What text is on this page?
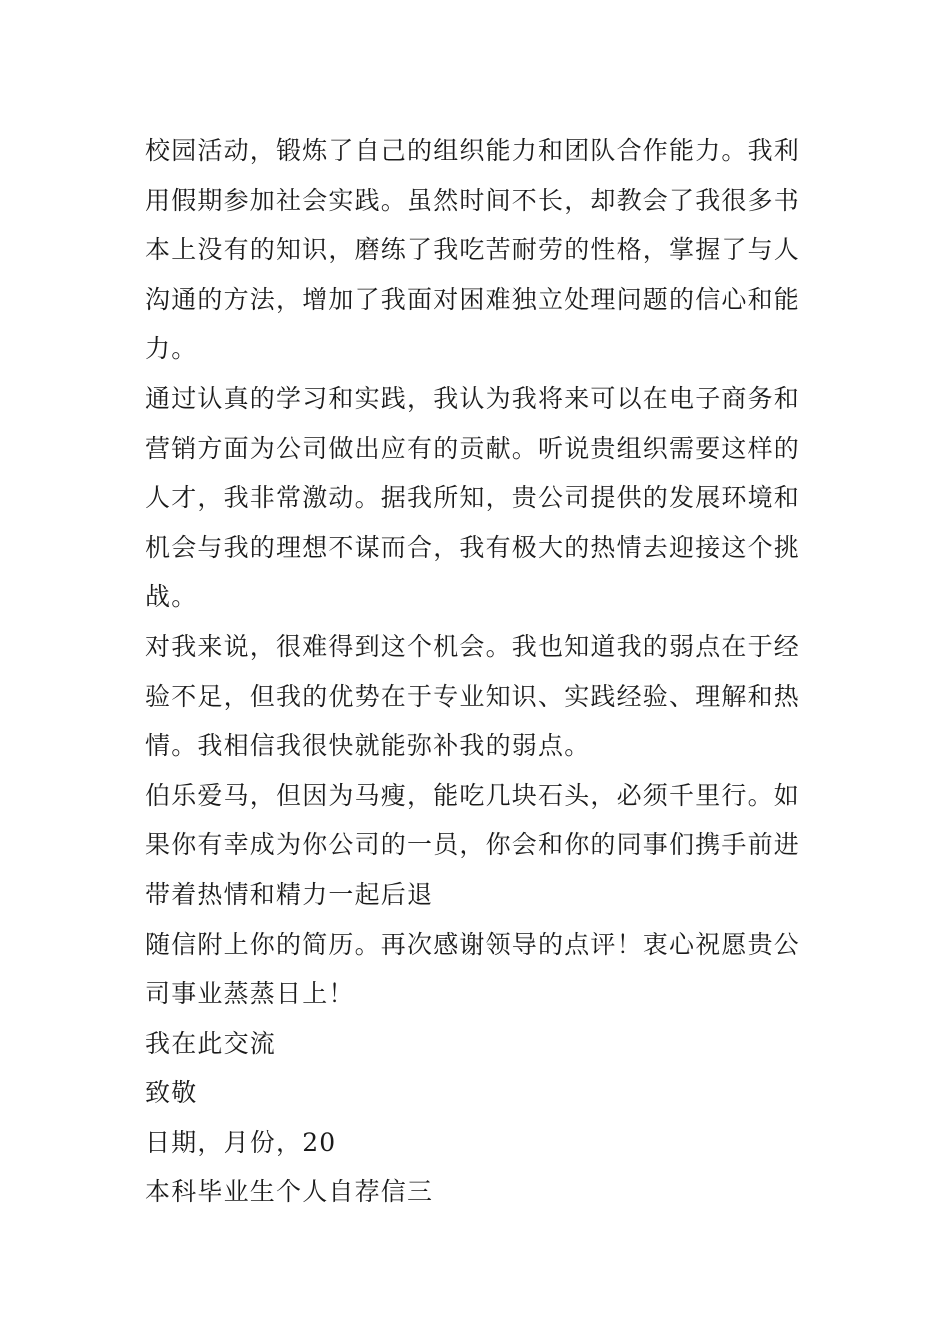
校园活动，锻炼了自己的组织能力和团队合作能力。我利用假期参加社会实践。虽然时间不长，却教会了我很多书本上没有的知识，磨练了我吃苦耐劳的性格，掌握了与人沟通的方法，增加了我面对困难独立处理问题的信心和能力。

通过认真的学习和实践，我认为我将来可以在电子商务和营销方面为公司做出应有的贡献。听说贵组织需要这样的人才，我非常激动。据我所知，贵公司提供的发展环境和机会与我的理想不谋而合，我有极大的热情去迎接这个挑战。

对我来说，很难得到这个机会。我也知道我的弱点在于经验不足，但我的优势在于专业知识、实践经验、理解和热情。我相信我很快就能弥补我的弱点。

伯乐爱马，但因为马瘦，能吃几块石头，必须千里行。如果你有幸成为你公司的一员，你会和你的同事们携手前进带着热情和精力一起后退

随信附上你的简历。再次感谢领导的点评！衷心祝愿贵公司事业蒸蒸日上！

我在此交流

致敬

日期，月份，20

本科毕业生个人自荐信三
